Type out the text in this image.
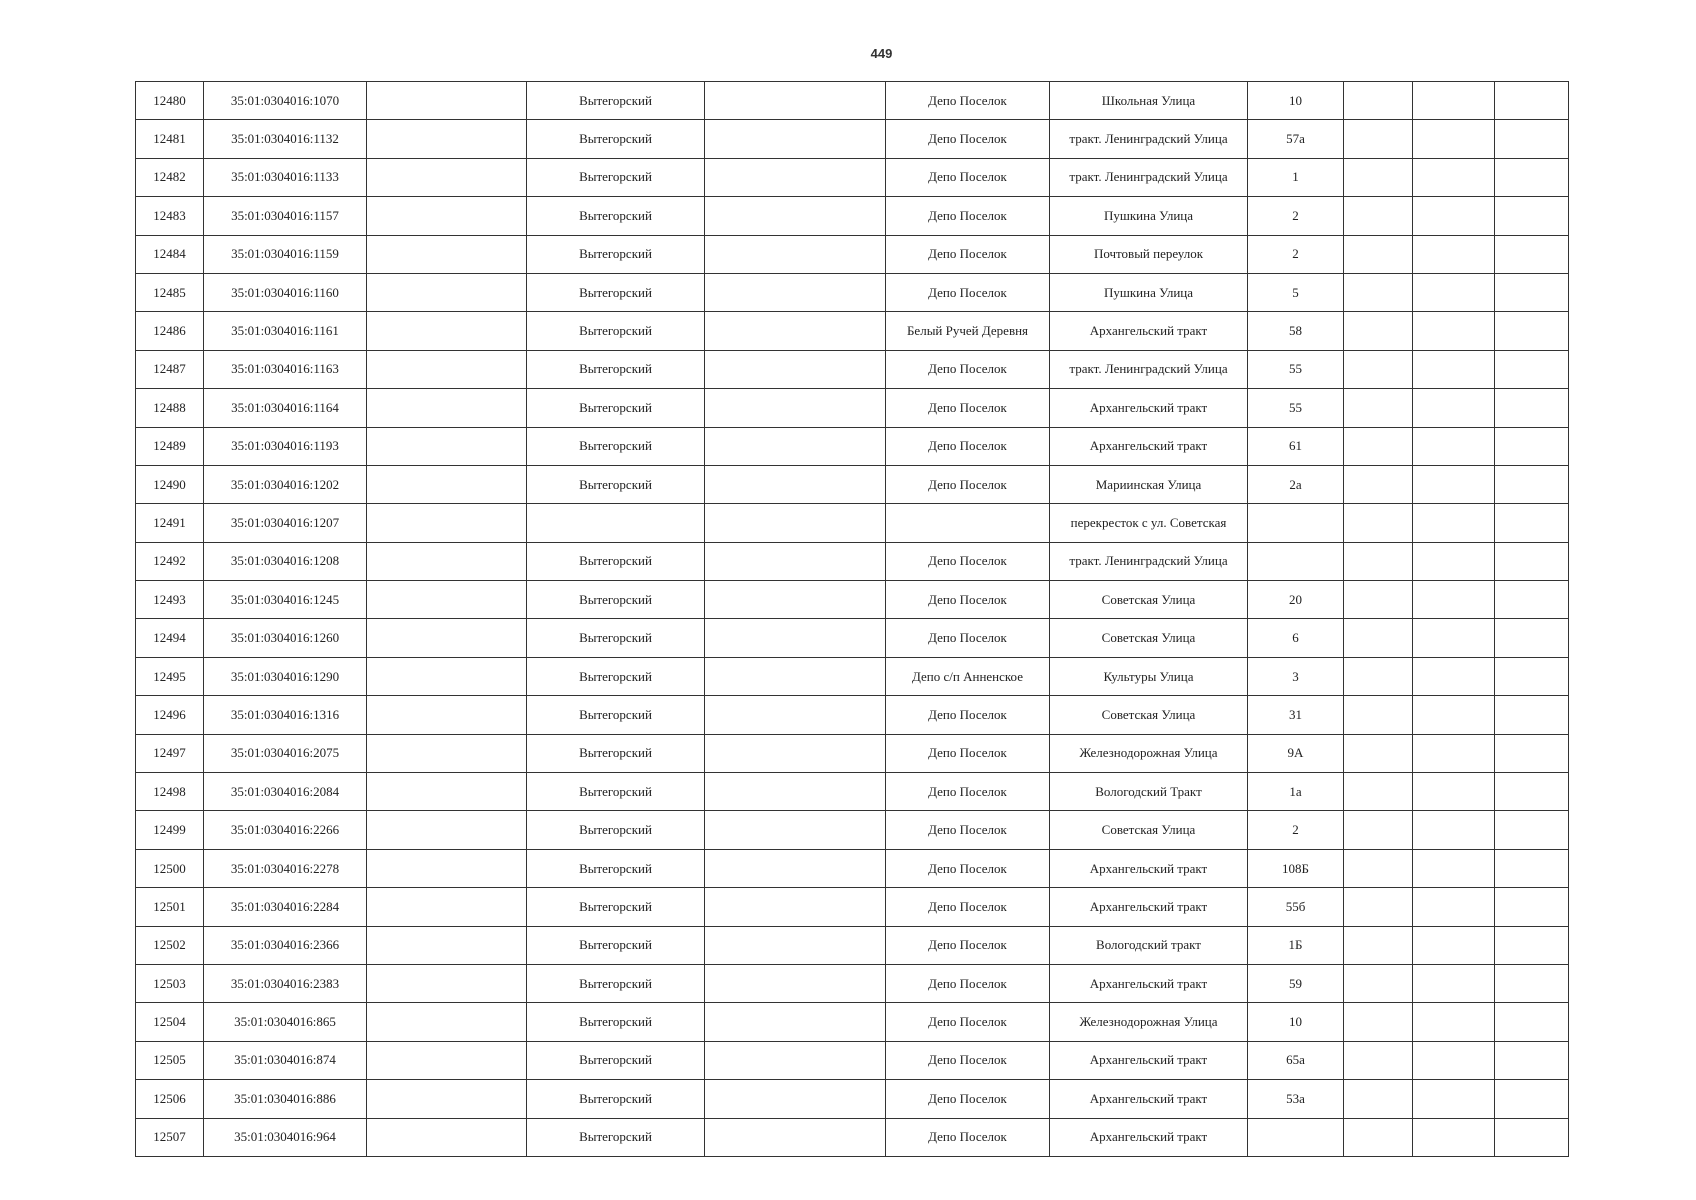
449
12480	35:01:0304016:1070		Вытегорский		Депо Поселок	Школьная Улица	10			
12481	35:01:0304016:1132		Вытегорский		Депо Поселок	тракт. Ленинградский Улица	57а			
12482	35:01:0304016:1133		Вытегорский		Депо Поселок	тракт. Ленинградский Улица	1			
12483	35:01:0304016:1157		Вытегорский		Депо Поселок	Пушкина Улица	2			
12484	35:01:0304016:1159		Вытегорский		Депо Поселок	Почтовый переулок	2			
12485	35:01:0304016:1160		Вытегорский		Депо Поселок	Пушкина Улица	5			
12486	35:01:0304016:1161		Вытегорский		Белый Ручей Деревня	Архангельский тракт	58			
12487	35:01:0304016:1163		Вытегорский		Депо Поселок	тракт. Ленинградский Улица	55			
12488	35:01:0304016:1164		Вытегорский		Депо Поселок	Архангельский тракт	55			
12489	35:01:0304016:1193		Вытегорский		Депо Поселок	Архангельский тракт	61			
12490	35:01:0304016:1202		Вытегорский		Депо Поселок	Мариинская Улица	2а			
12491	35:01:0304016:1207					перекресток с ул. Советская				
12492	35:01:0304016:1208		Вытегорский		Депо Поселок	тракт. Ленинградский Улица				
12493	35:01:0304016:1245		Вытегорский		Депо Поселок	Советская Улица	20			
12494	35:01:0304016:1260		Вытегорский		Депо Поселок	Советская Улица	6			
12495	35:01:0304016:1290		Вытегорский		Депо с/п Анненское	Культуры Улица	3			
12496	35:01:0304016:1316		Вытегорский		Депо Поселок	Советская Улица	31			
12497	35:01:0304016:2075		Вытегорский		Депо Поселок	Железнодорожная Улица	9А			
12498	35:01:0304016:2084		Вытегорский		Депо Поселок	Вологодский Тракт	1а			
12499	35:01:0304016:2266		Вытегорский		Депо Поселок	Советская Улица	2			
12500	35:01:0304016:2278		Вытегорский		Депо Поселок	Архангельский тракт	108Б			
12501	35:01:0304016:2284		Вытегорский		Депо Поселок	Архангельский тракт	55б			
12502	35:01:0304016:2366		Вытегорский		Депо Поселок	Вологодский тракт	1Б			
12503	35:01:0304016:2383		Вытегорский		Депо Поселок	Архангельский тракт	59			
12504	35:01:0304016:865		Вытегорский		Депо Поселок	Железнодорожная Улица	10			
12505	35:01:0304016:874		Вытегорский		Депо Поселок	Архангельский тракт	65а			
12506	35:01:0304016:886		Вытегорский		Депо Поселок	Архангельский тракт	53а			
12507	35:01:0304016:964		Вытегорский		Депо Поселок	Архангельский тракт				
